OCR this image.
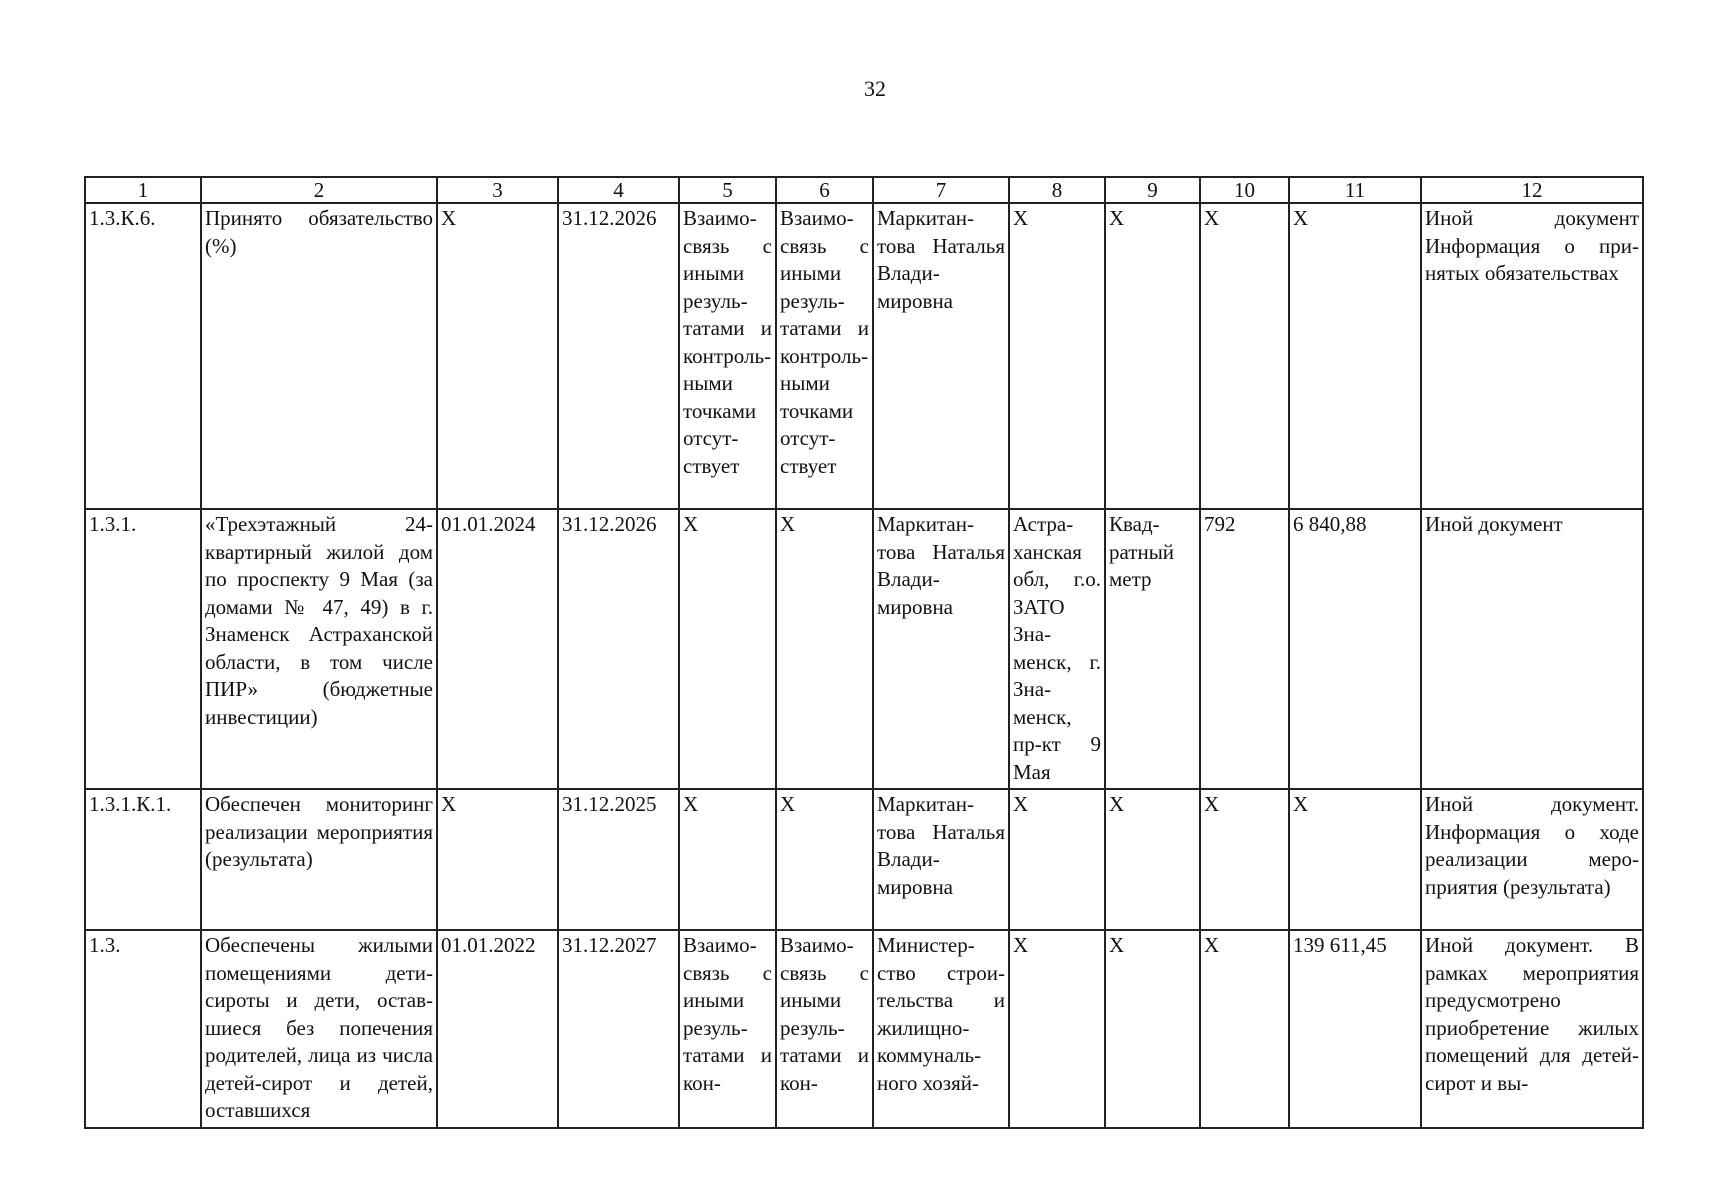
32
1	2	3	4	5	6	7	8	9	10	11	12
1.3.К.6.	Принято обязательство (%)	X	31.12.2026	Взаимосвязь с иными результатами и контрольными точками отсутствует	Взаимосвязь с иными результатами и контрольными точками отсутствует	Маркитантова Наталья Владимировна	X	X	X	X	Иной документ Информация о принятых обязательствах
1.3.1.	«Трехэтажный 24-квартирный жилой дом по проспекту 9 Мая (за домами № 47, 49) в г. Знаменск Астраханской области, в том числе ПИР» (бюджетные инвестиции)	01.01.2024	31.12.2026	X	X	Маркитантова Наталья Владимировна	Астраханская обл, г.о. ЗАТО Знаменск, г. Знаменск, пр-кт 9 Мая	Квадратный метр	792	6 840,88	Иной документ
1.3.1.К.1.	Обеспечен мониторинг реализации мероприятия (результата)	X	31.12.2025	X	X	Маркитантова Наталья Владимировна	X	X	X	X	Иной документ. Информация о ходе реализации мероприятия (результата)
1.3.	Обеспечены жилыми помещениями дети-сироты и дети, оставшиеся без попечения родителей, лица из числа детей-сирот и детей, оставшихся	01.01.2022	31.12.2027	Взаимосвязь с иными результатами и кон-	Взаимосвязь с иными результатами и кон-	Министерство строительства и жилищно-коммунального хозяй-	X	X	X	139 611,45	Иной документ. В рамках мероприятия предусмотрено приобретение жилых помещений для детей-сирот и вы-
